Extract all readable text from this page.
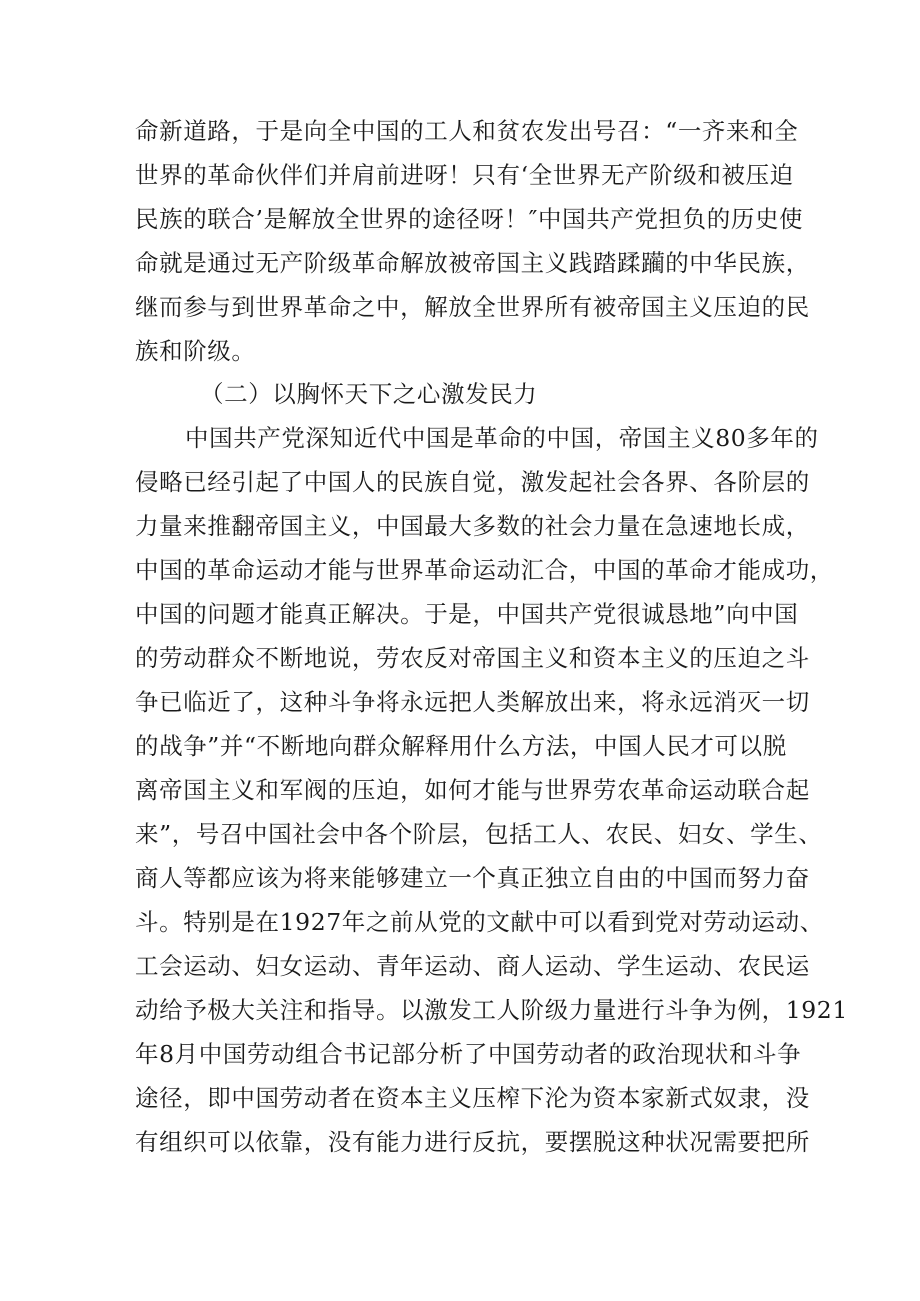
命新道路，于是向全中国的工人和贫农发出号召：“一齐来和全
世界的革命伙伴们并肩前进呀！只有‘全世界无产阶级和被压迫
民族的联合’是解放全世界的途径呀！″中国共产党担负的历史使
命就是通过无产阶级革命解放被帝国主义践踏蹂躏的中华民族，
继而参与到世界革命之中，解放全世界所有被帝国主义压迫的民
族和阶级。
（二）以胸怀天下之心激发民力
中国共产党深知近代中国是革命的中国，帝国主义80多年的
侵略已经引起了中国人的民族自觉，激发起社会各界、各阶层的
力量来推翻帝国主义，中国最大多数的社会力量在急速地长成，
中国的革命运动才能与世界革命运动汇合，中国的革命才能成功，
中国的问题才能真正解决。于是，中国共产党很诚恳地”向中国
的劳动群众不断地说，劳农反对帝国主义和资本主义的压迫之斗
争已临近了，这种斗争将永远把人类解放出来，将永远消灭一切
的战争”并“不断地向群众解释用什么方法，中国人民才可以脱
离帝国主义和军阀的压迫，如何才能与世界劳农革命运动联合起
来”，号召中国社会中各个阶层，包括工人、农民、妇女、学生、
商人等都应该为将来能够建立一个真正独立自由的中国而努力奋
斗。特别是在1927年之前从党的文献中可以看到党对劳动运动、
工会运动、妇女运动、青年运动、商人运动、学生运动、农民运
动给予极大关注和指导。以激发工人阶级力量进行斗争为例，1921
年8月中国劳动组合书记部分析了中国劳动者的政治现状和斗争
途径，即中国劳动者在资本主义压榨下沦为资本家新式奴隶，没
有组织可以依靠，没有能力进行反抗，要摆脱这种状况需要把所
